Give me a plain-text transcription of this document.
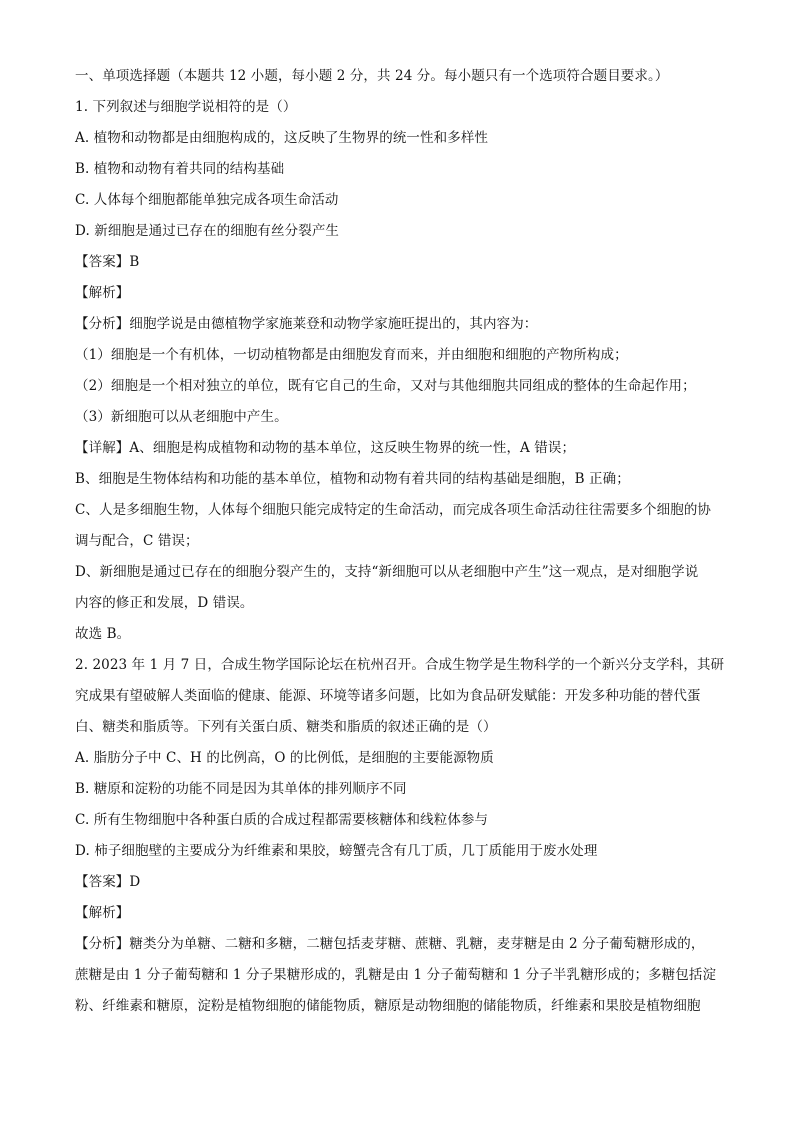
一、单项选择题（本题共 12 小题，每小题 2 分，共 24 分。每小题只有一个选项符合题目要求。）
1. 下列叙述与细胞学说相符的是（）
A. 植物和动物都是由细胞构成的，这反映了生物界的统一性和多样性
B. 植物和动物有着共同的结构基础
C. 人体每个细胞都能单独完成各项生命活动
D. 新细胞是通过已存在的细胞有丝分裂产生
【答案】B
【解析】
【分析】细胞学说是由德植物学家施莱登和动物学家施旺提出的，其内容为：
（1）细胞是一个有机体，一切动植物都是由细胞发育而来，并由细胞和细胞的产物所构成；
（2）细胞是一个相对独立的单位，既有它自己的生命，又对与其他细胞共同组成的整体的生命起作用；
（3）新细胞可以从老细胞中产生。
【详解】A、细胞是构成植物和动物的基本单位，这反映生物界的统一性，A 错误；
B、细胞是生物体结构和功能的基本单位，植物和动物有着共同的结构基础是细胞，B 正确；
C、人是多细胞生物，人体每个细胞只能完成特定的生命活动，而完成各项生命活动往往需要多个细胞的协
调与配合，C 错误；
D、新细胞是通过已存在的细胞分裂产生的，支持“新细胞可以从老细胞中产生”这一观点，是对细胞学说
内容的修正和发展，D 错误。
故选 B。
2. 2023 年 1 月 7 日，合成生物学国际论坛在杭州召开。合成生物学是生物科学的一个新兴分支学科，其研
究成果有望破解人类面临的健康、能源、环境等诸多问题，比如为食品研发赋能：开发多种功能的替代蛋
白、糖类和脂质等。下列有关蛋白质、糖类和脂质的叙述正确的是（）
A. 脂肪分子中 C、H 的比例高，O 的比例低，是细胞的主要能源物质
B. 糖原和淀粉的功能不同是因为其单体的排列顺序不同
C. 所有生物细胞中各种蛋白质的合成过程都需要核糖体和线粒体参与
D. 柿子细胞壁的主要成分为纤维素和果胶，螃蟹壳含有几丁质，几丁质能用于废水处理
【答案】D
【解析】
【分析】糖类分为单糖、二糖和多糖，二糖包括麦芽糖、蔗糖、乳糖，麦芽糖是由 2 分子葡萄糖形成的，
蔗糖是由 1 分子葡萄糖和 1 分子果糖形成的，乳糖是由 1 分子葡萄糖和 1 分子半乳糖形成的；多糖包括淀
粉、纤维素和糖原，淀粉是植物细胞的储能物质，糖原是动物细胞的储能物质，纤维素和果胶是植物细胞
